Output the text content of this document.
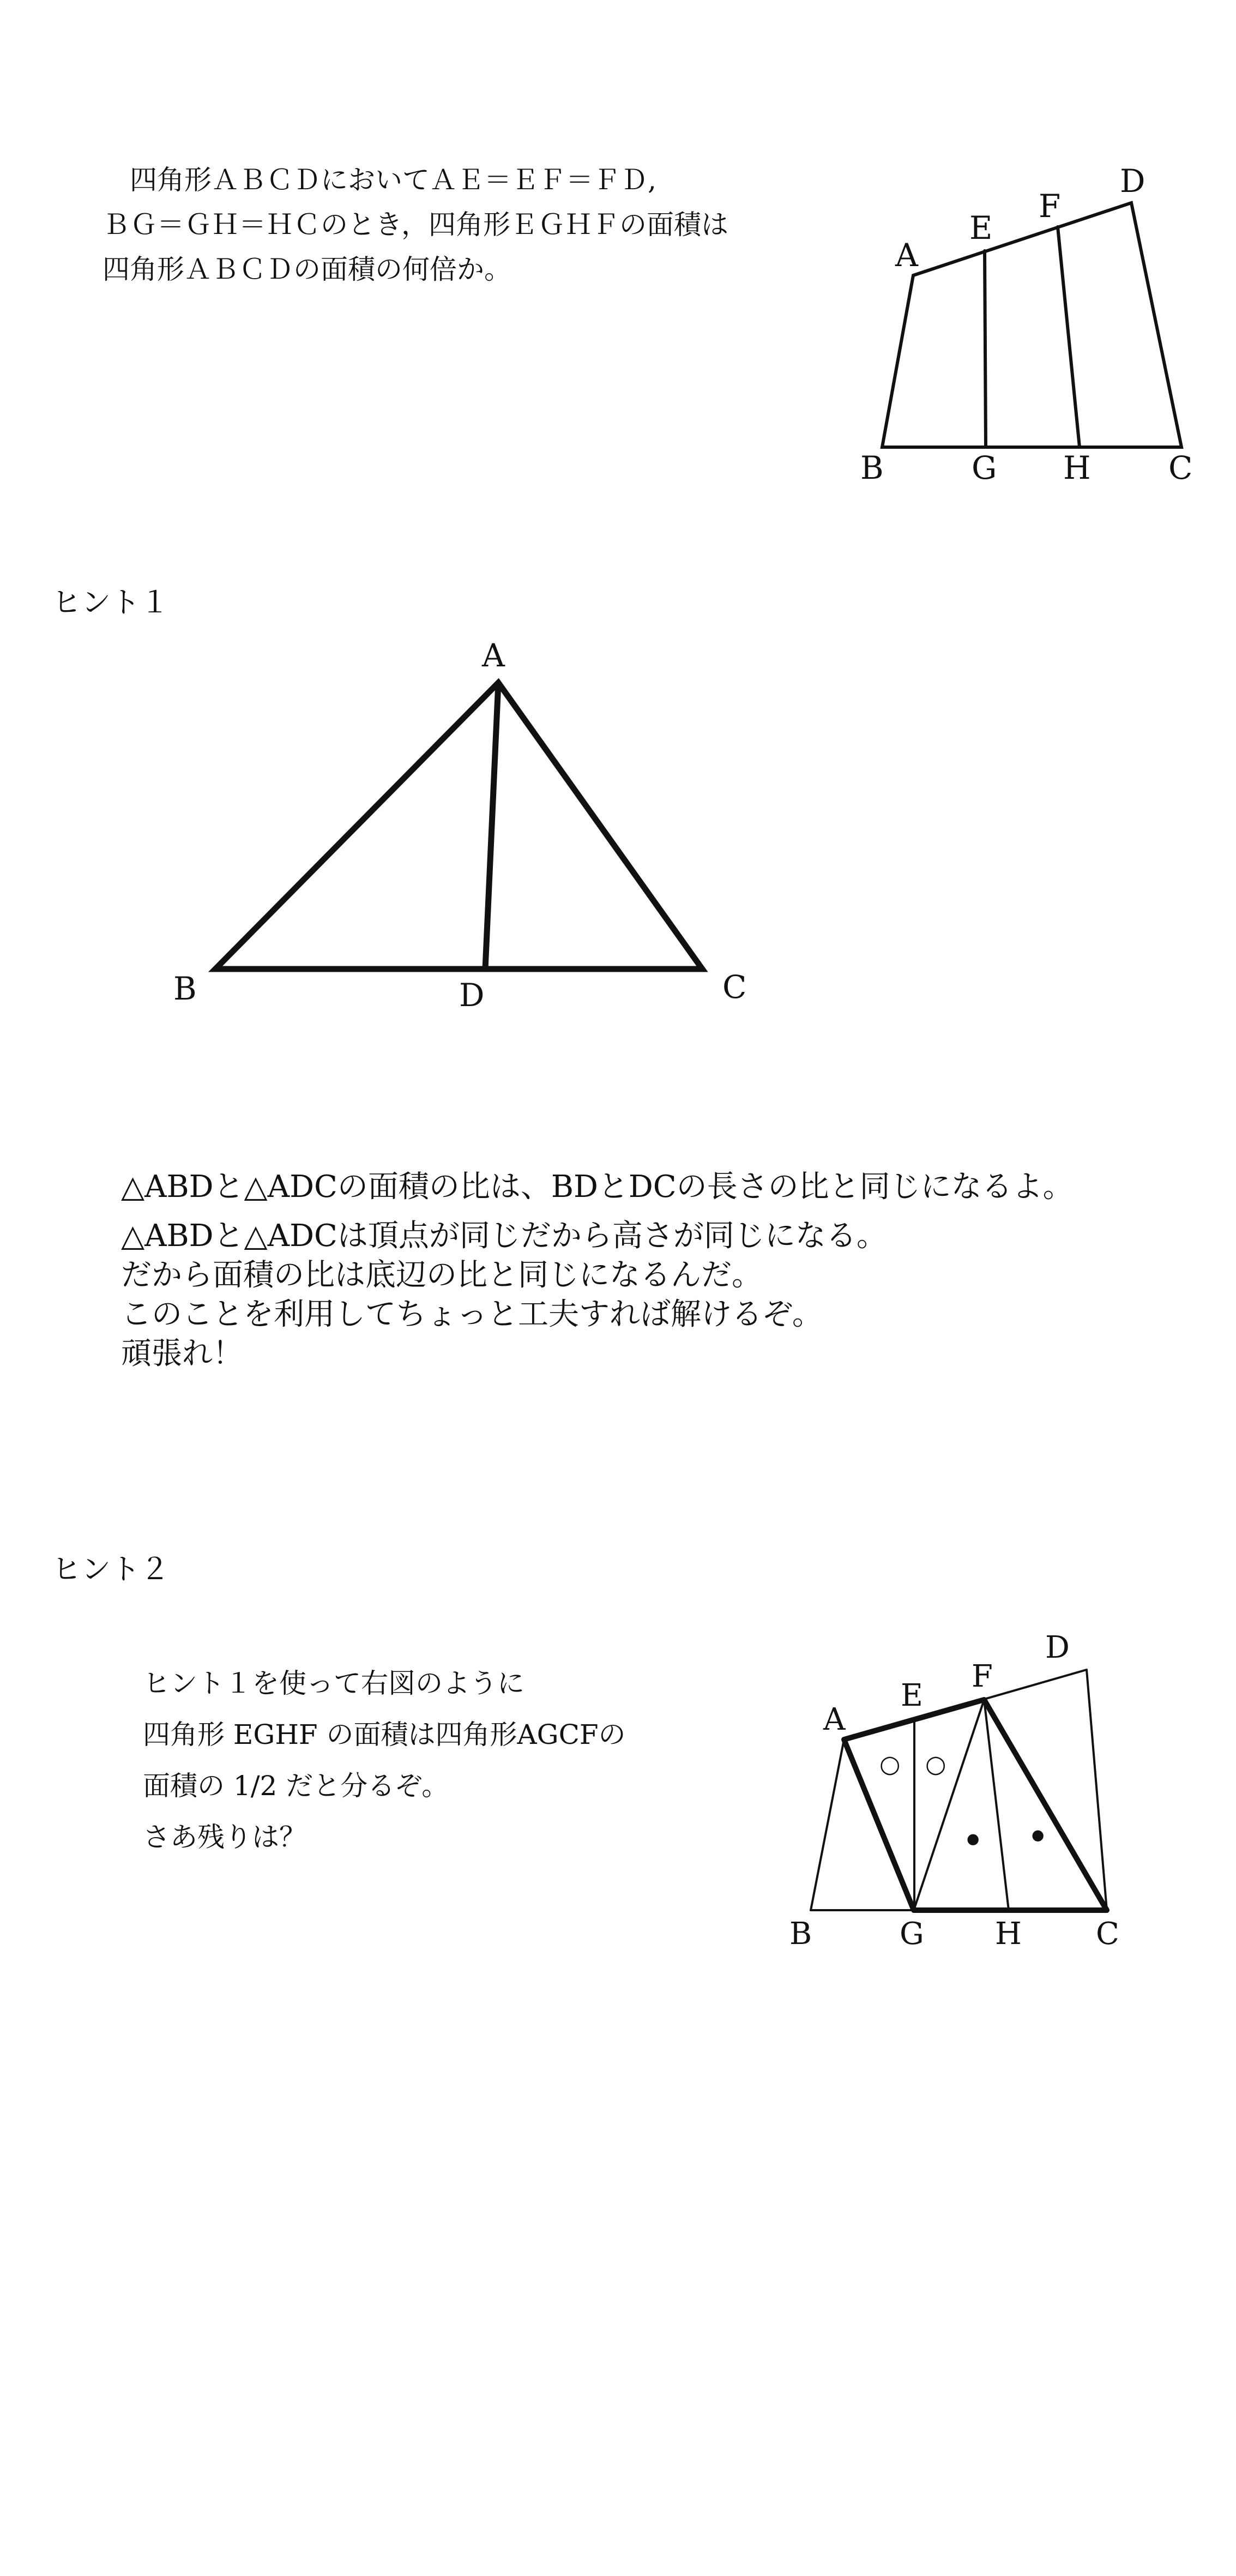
四角形ＡＢＣＤにおいてＡＥ＝ＥＦ＝ＦＤ,

ＢＧ＝ＧＨ＝ＨＣのとき，四角形ＥＧＨＦの面積は

四角形ＡＢＣＤの面積の何倍か。	A
E
F
D
B	G H C

ヒント１

A
B	D	C

△ABDと△ADCの面積の比は、BDとDCの長さの比と同じになるよ。

△ABDと△ADCは頂点が同じだから高さが同じになる。

だから面積の比は底辺の比と同じになるんだ。

このことを利用してちょっと工夫すれば解けるぞ。

頑張れ！

ヒント２

ヒント１を使って右図のように

四角形 EGHF の面積は四角形AGCFの

面積の 1/2 だと分るぞ。

さあ残りは？

A
E
F
D
B	G H C
○ ○
• •
